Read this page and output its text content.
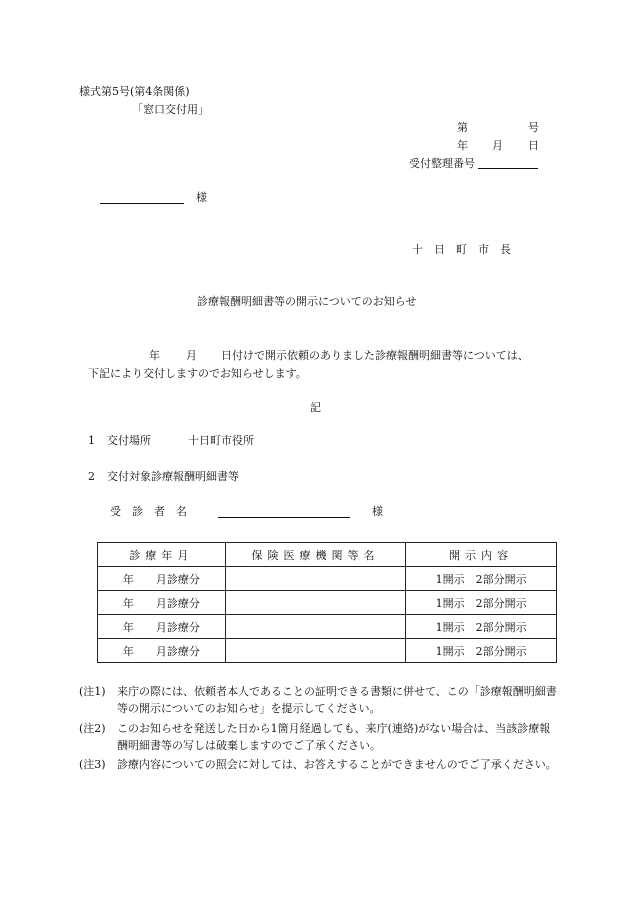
様式第5号(第4条関係)
「窓口交付用」
第	号
年 月 日
受付整理番号
様
十　日　町　市　長
診療報酬明細書等の開示についてのお知らせ
年 月 日付けで開示依頼のありました診療報酬明細書等については、
下記により交付しますのでお知らせします。
記
1 交付場所	十日町市役所
2 交付対象診療報酬明細書等
受　診　者　名	様
診療年月	保険医療機関等名	開示内容
年　　月診療分		1開示　2部分開示
年　　月診療分		1開示　2部分開示
年　　月診療分		1開示　2部分開示
年　　月診療分		1開示　2部分開示
(注1) 来庁の際には、依頼者本人であることの証明できる書類に併せて、この「診療報酬明細書等の開示についてのお知らせ」を提示してください。
(注2) このお知らせを発送した日から1箇月経過しても、来庁(連絡)がない場合は、当該診療報酬明細書等の写しは破棄しますのでご了承ください。
(注3) 診療内容についての照会に対しては、お答えすることができませんのでご了承ください。
